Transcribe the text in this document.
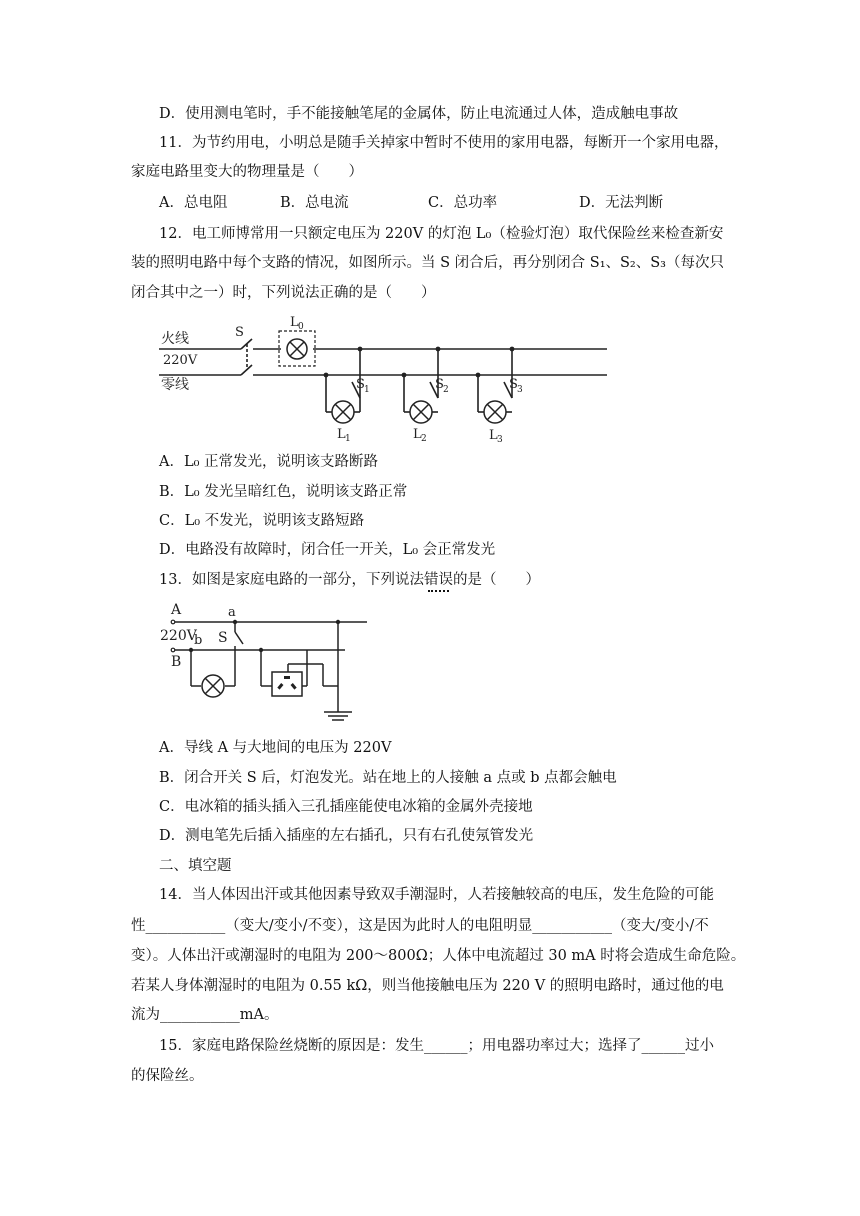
D．使用测电笔时，手不能接触笔尾的金属体，防止电流通过人体，造成触电事故
11．为节约用电，小明总是随手关掉家中暂时不使用的家用电器，每断开一个家用电器，
家庭电路里变大的物理量是（　　）
A．总电阻	B．总电流	C．总功率	D．无法判断
12．电工师博常用一只额定电压为 220V 的灯泡 L₀（检验灯泡）取代保险丝来检查新安
装的照明电路中每个支路的情况，如图所示。当 S 闭合后，再分别闭合 S₁、S₂、S₃（每次只
闭合其中之一）时，下列说法正确的是（　　）
火线
220V
零线
S
L 0
S 1	S 2	S 3
L 1	L 2	L 3
A．L₀ 正常发光，说明该支路断路
B．L₀ 发光呈暗红色，说明该支路正常
C．L₀ 不发光，说明该支路短路
D．电路没有故障时，闭合任一开关，L₀ 会正常发光
13．如图是家庭电路的一部分，下列说法错误的是（　　）
A	a
220V
b
B
S
A．导线 A 与大地间的电压为 220V
B．闭合开关 S 后，灯泡发光。站在地上的人接触 a 点或 b 点都会触电
C．电冰箱的插头插入三孔插座能使电冰箱的金属外壳接地
D．测电笔先后插入插座的左右插孔，只有右孔使氖管发光
二、填空题
14．当人体因出汗或其他因素导致双手潮湿时，人若接触较高的电压，发生危险的可能
性___________（变大/变小/不变），这是因为此时人的电阻明显___________（变大/变小/不
变）。人体出汗或潮湿时的电阻为 200～800Ω；人体中电流超过 30 mA 时将会造成生命危险。
若某人身体潮湿时的电阻为 0.55 kΩ，则当他接触电压为 220 V 的照明电路时，通过他的电
流为___________mA。
15．家庭电路保险丝烧断的原因是：发生______；用电器功率过大；选择了______过小
的保险丝。
